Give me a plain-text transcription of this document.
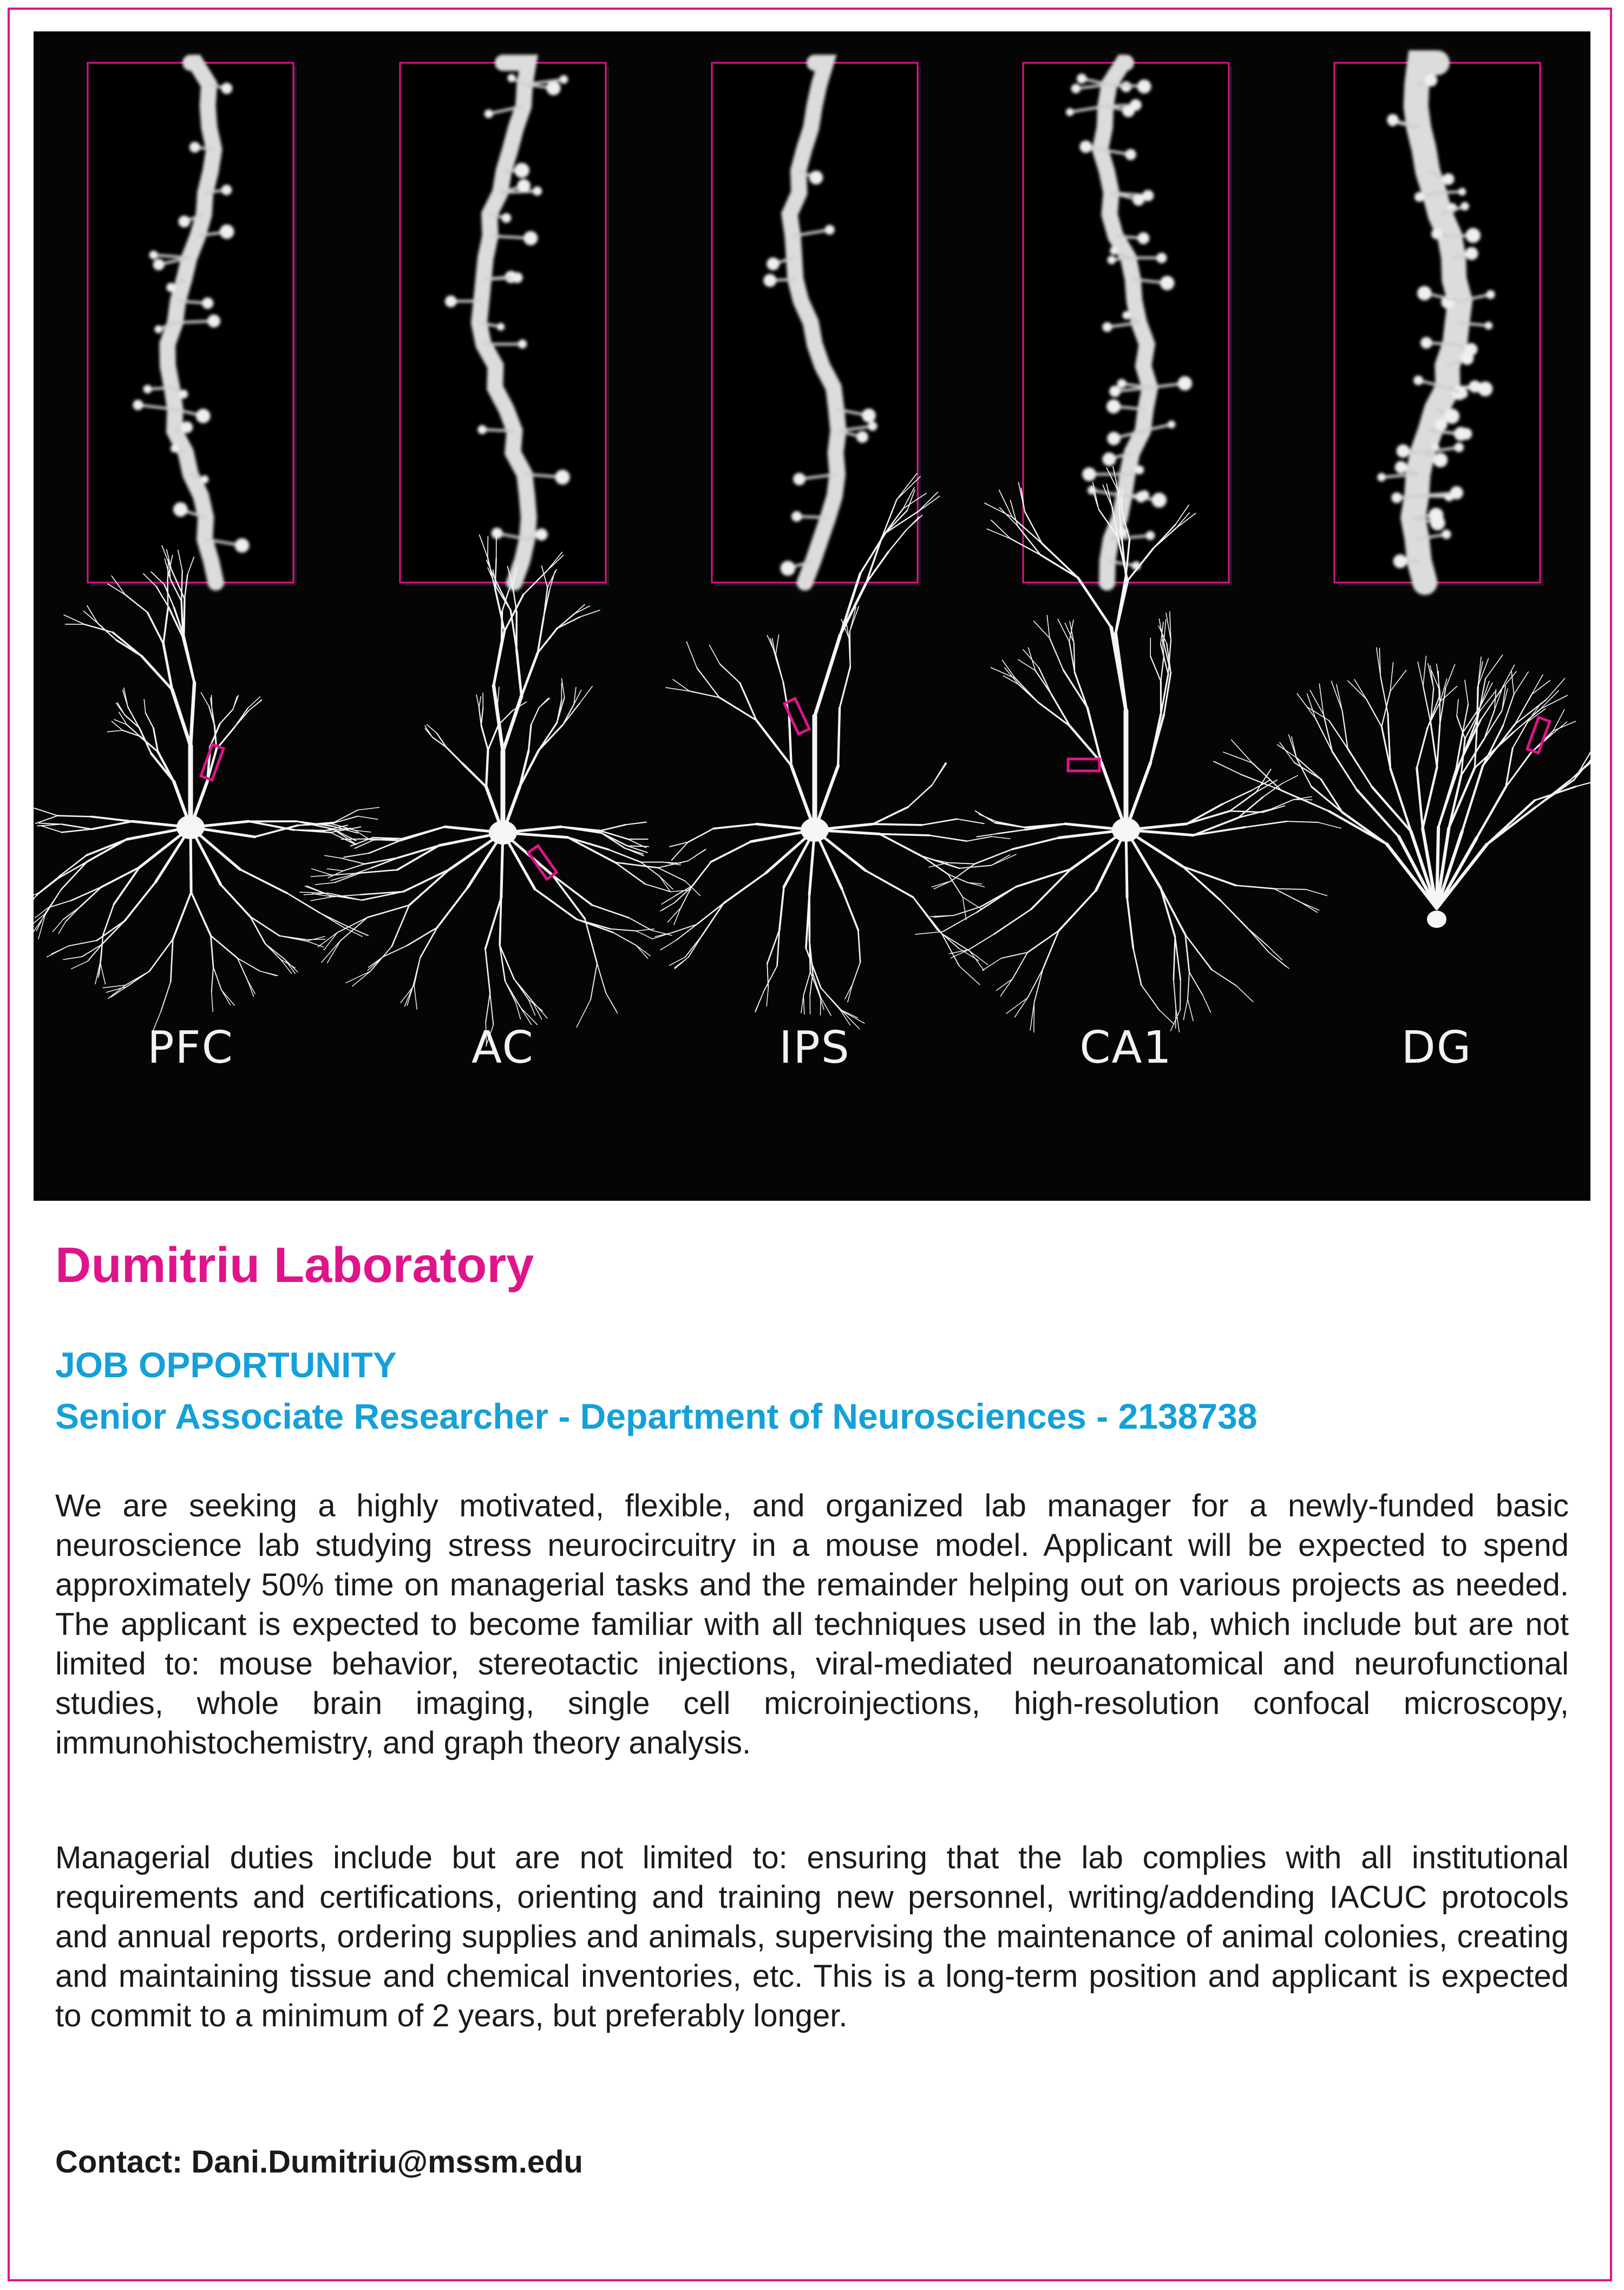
PFC	AC	IPS	CA1	DG
Dumitriu Laboratory
JOB OPPORTUNITY
Senior Associate Researcher - Department of Neurosciences - 2138738

We are seeking a highly motivated, flexible, and organized lab manager for a newly-funded basic neuroscience lab studying stress neurocircuitry in a mouse model. Applicant will be expected to spend approximately 50% time on managerial tasks and the remainder helping out on various projects as needed. The applicant is expected to become familiar with all techniques used in the lab, which include but are not limited to: mouse behavior, stereotactic injections, viral-mediated neuroanatomical and neurofunctional studies, whole brain imaging, single cell microinjections, high-resolution confocal microscopy, immunohistochemistry, and graph theory analysis.

Managerial duties include but are not limited to: ensuring that the lab complies with all institutional requirements and certifications, orienting and training new personnel, writing/addending IACUC protocols and annual reports, ordering supplies and animals, supervising the maintenance of animal colonies, creating and maintaining tissue and chemical inventories, etc. This is a long-term position and applicant is expected to commit to a minimum of 2 years, but preferably longer.

Contact: Dani.Dumitriu@mssm.edu
